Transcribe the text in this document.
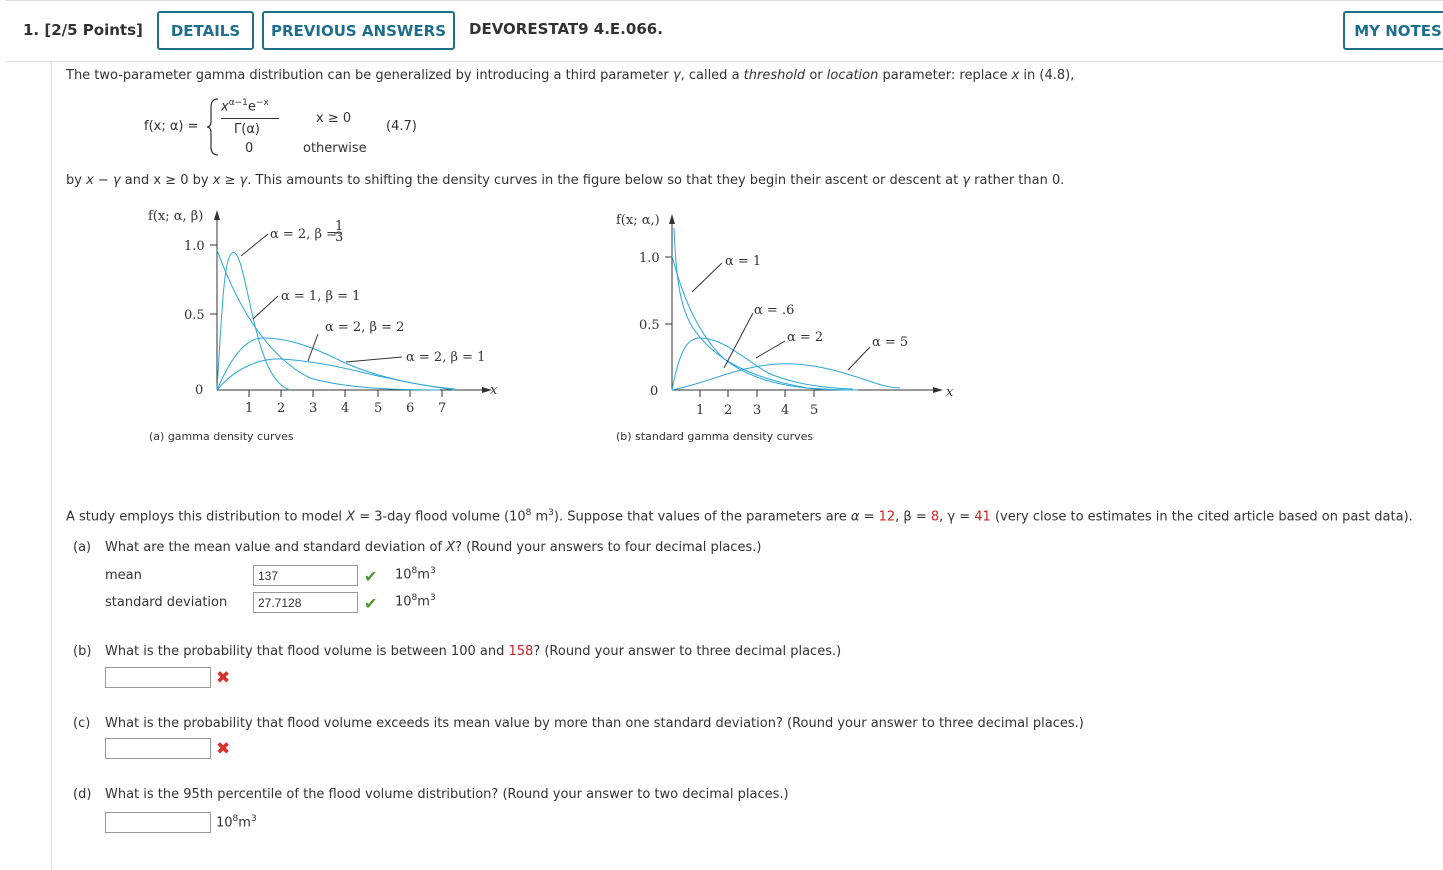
1. [2/5 Points]	DETAILS	PREVIOUS ANSWERS	DEVORESTAT9 4.E.066.	MY NOTES
The two-parameter gamma distribution can be generalized by introducing a third parameter γ, called a threshold or location parameter: replace x in (4.8),
f(x; α) =
$x^{\alpha-1}e^{-x}$
Γ(α)
x ≥ 0
0	otherwise
(4.7)
by x − γ and x ≥ 0 by x ≥ γ. This amounts to shifting the density curves in the figure below so that they begin their ascent or descent at γ rather than 0.
f(x; α, β)
x
1.0
0.5
0
1 2 3 4 5 6 7
α = 2, β =
1
3
α = 1, β = 1
α = 2, β = 2
α = 2, β = 1
(a) gamma density curves
f(x; α,)
x
1.0
0.5
0
1 2 3 4 5
α = 1
α = .6
α = 2	α = 5
(b) standard gamma density curves
A study employs this distribution to model X = 3-day flood volume ($10^8$ $m^3$). Suppose that values of the parameters are α = 12, β = 8, γ = 41 (very close to estimates in the cited article based on past data).
(a) What are the mean value and standard deviation of X? (Round your answers to four decimal places.)
mean
137	✔ $10^8m^3$
standard deviation
27.7128	✔ $10^8m^3$
(b) What is the probability that flood volume is between 100 and 158? (Round your answer to three decimal places.)
✖
(c) What is the probability that flood volume exceeds its mean value by more than one standard deviation? (Round your answer to three decimal places.)
✖
(d) What is the 95th percentile of the flood volume distribution? (Round your answer to two decimal places.)
$10^8m^3$
